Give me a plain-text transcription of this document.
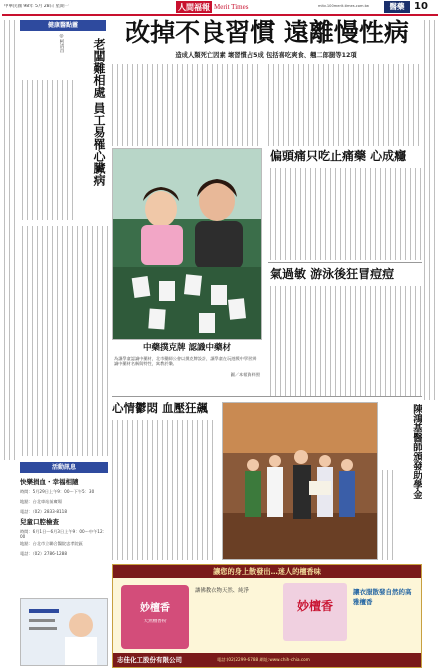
中華民國 98年 5月 28日 星期一	人間福報 Merit Times	mitv.100merit-times.com.tw	醫藥 10
健康醫點靈
◎柯清昌	老闆難相處 員工易罹心臟病
改掉不良習慣 遠離慢性病
造成人類死亡因素 壞習慣占5成 包括喜吃爽食、翹二郎腿等12項
中藥撲克牌 認識中藥材
為讓學童認識中藥材，北市藥師公會以撲克牌設計，讓學童在玩遊戲中學習辨識中藥材名稱與特性，寓教於樂。
圖／本報資料照
偏頭痛只吃止痛藥 心成癮
氣過敏 游泳後狂冒痘痘
心情鬱悶 血壓狂飆	陳鴻基醫師頒發助學金
活動訊息
快樂捐血・幸福相隨
時間：5月29日上午9：00～下午5：30
地點：台北車站前廣場
電話：（02）2833-8118
兒童口腔檢查
時間：6月1日～6月3日上午9：00～中午12：00
地點：台北市立聯合醫院忠孝院區
電話：（02）2786-1288
讓您的身上散發出…迷人的檀香味
妙檀香
天然檀香粉
讓佛教衣物天然、純淨
妙檀香
讓衣服散發自然的高雅檀香
志佳化工股份有限公司	電話:(02)2299-6788 網址:www.chih-chia.com
